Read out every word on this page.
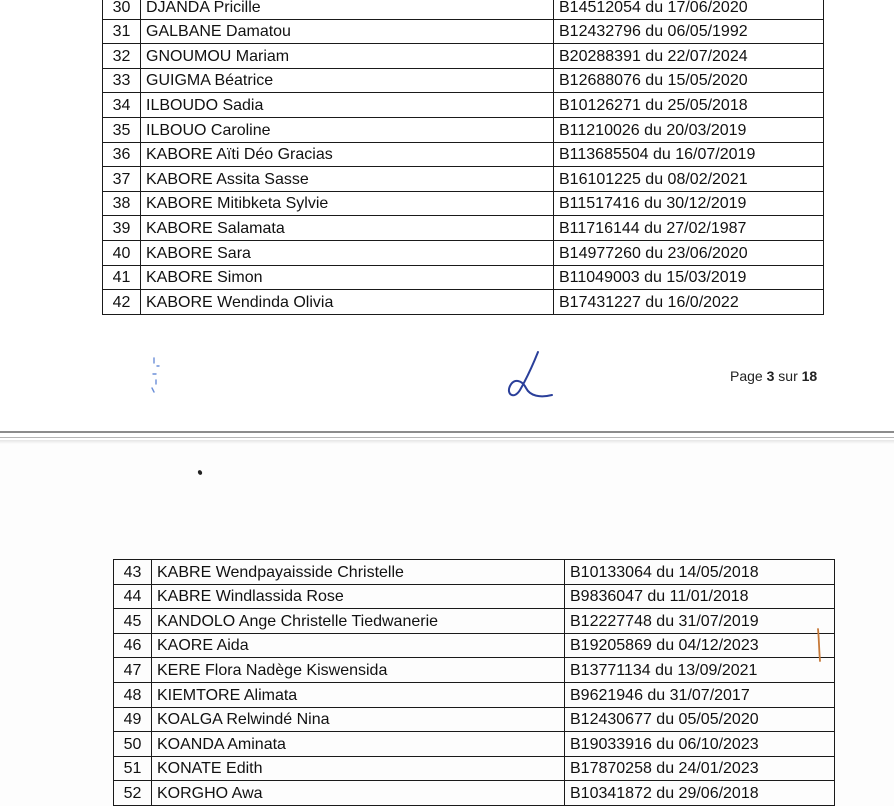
30	DJANDA Pricille	B14512054 du 17/06/2020
31	GALBANE Damatou	B12432796 du 06/05/1992
32	GNOUMOU Mariam	B20288391 du 22/07/2024
33	GUIGMA Béatrice	B12688076 du 15/05/2020
34	ILBOUDO Sadia	B10126271 du 25/05/2018
35	ILBOUO Caroline	B11210026 du 20/03/2019
36	KABORE Aïti Déo Gracias	B113685504 du 16/07/2019
37	KABORE Assita Sasse	B16101225 du 08/02/2021
38	KABORE Mitibketa Sylvie	B11517416 du 30/12/2019
39	KABORE Salamata	B11716144 du 27/02/1987
40	KABORE Sara	B14977260 du 23/06/2020
41	KABORE Simon	B11049003 du 15/03/2019
42	KABORE Wendinda Olivia	B17431227 du 16/0/2022
Page 3 sur 18
43	KABRE Wendpayaisside Christelle	B10133064 du 14/05/2018
44	KABRE Windlassida Rose	B9836047 du 11/01/2018
45	KANDOLO Ange Christelle Tiedwanerie	B12227748 du 31/07/2019
46	KAORE Aida	B19205869 du 04/12/2023
47	KERE Flora Nadège Kiswensida	B13771134 du 13/09/2021
48	KIEMTORE Alimata	B9621946 du 31/07/2017
49	KOALGA Relwindé Nina	B12430677 du 05/05/2020
50	KOANDA Aminata	B19033916 du 06/10/2023
51	KONATE Edith	B17870258 du 24/01/2023
52	KORGHO Awa	B10341872 du 29/06/2018
